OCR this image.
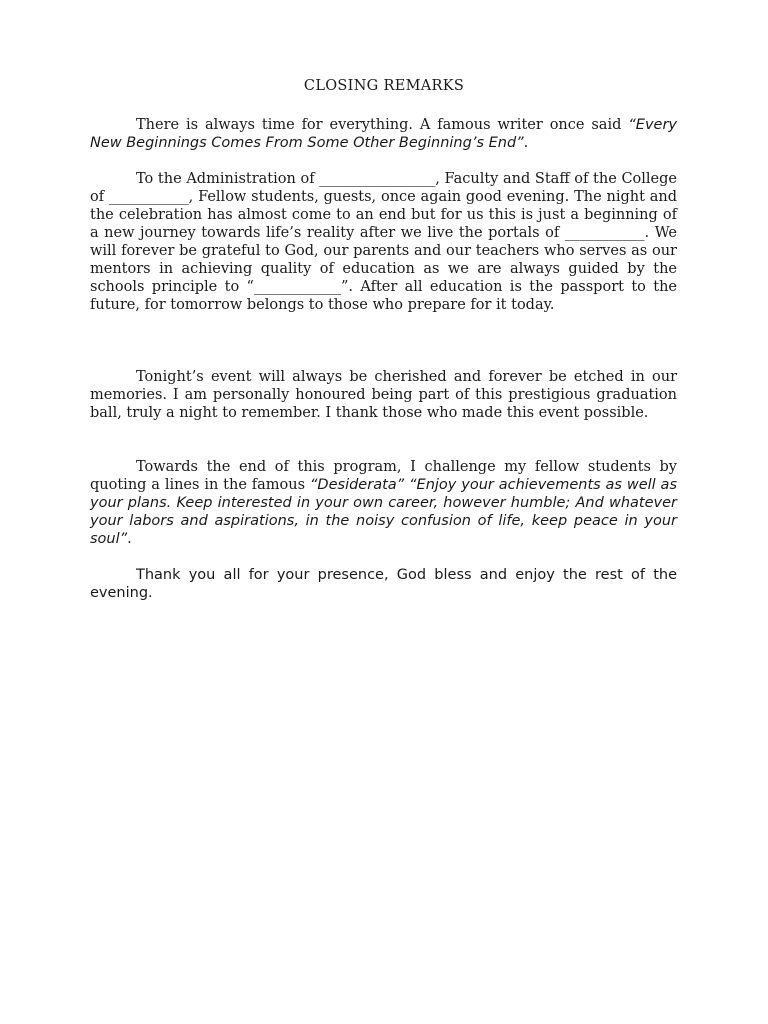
CLOSING REMARKS
There is always time for everything. A famous writer once said “Every New Beginnings Comes From Some Other Beginning’s End”.
To the Administration of ________________, Faculty and Staff of the College of ___________, Fellow students, guests, once again good evening. The night and the celebration has almost come to an end but for us this is just a beginning of a new journey towards life’s reality after we live the portals of ___________. We will forever be grateful to God, our parents and our teachers who serves as our mentors in achieving quality of education as we are always guided by the schools principle to “____________”. After all education is the passport to the future, for tomorrow belongs to those who prepare for it today.
Tonight’s event will always be cherished and forever be etched in our memories. I am personally honoured being part of this prestigious graduation ball, truly a night to remember. I thank those who made this event possible.
Towards the end of this program, I challenge my fellow students by quoting a lines in the famous “Desiderata” “Enjoy your achievements as well as your plans. Keep interested in your own career, however humble; And whatever your labors and aspirations, in the noisy confusion of life, keep peace in your soul”.
Thank you all for your presence, God bless and enjoy the rest of the evening.
